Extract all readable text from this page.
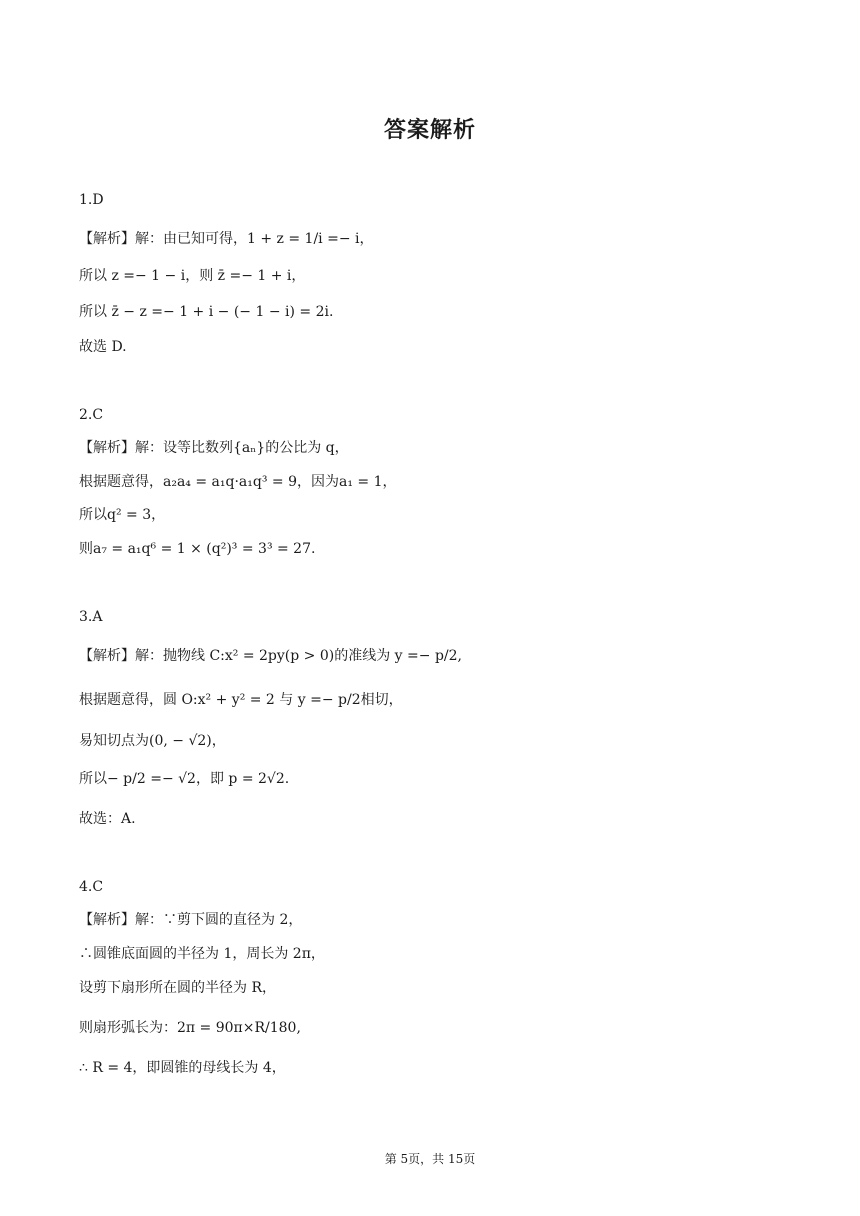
答案解析
1.D
【解析】解：由已知可得，1 + z = 1/i =− i，
所以 z =− 1 − i，则 z̄ =− 1 + i，
所以 z̄ − z =− 1 + i − (− 1 − i) = 2i.
故选 D.
2.C
【解析】解：设等比数列{aₙ}的公比为 q，
根据题意得，a₂a₄ = a₁q·a₁q³ = 9，因为a₁ = 1，
所以q² = 3，
则a₇ = a₁q⁶ = 1 × (q²)³ = 3³ = 27.
3.A
【解析】解：抛物线 C:x² = 2py(p > 0)的准线为 y =− p/2,
根据题意得，圆 O:x² + y² = 2 与 y =− p/2相切，
易知切点为(0, − √2)，
所以− p/2 =− √2，即 p = 2√2.
故选：A.
4.C
【解析】解：∵剪下圆的直径为 2，
∴圆锥底面圆的半径为 1，周长为 2π，
设剪下扇形所在圆的半径为 R，
则扇形弧长为：2π = 90π×R/180,
∴ R = 4，即圆锥的母线长为 4，
第 5页，共 15页
